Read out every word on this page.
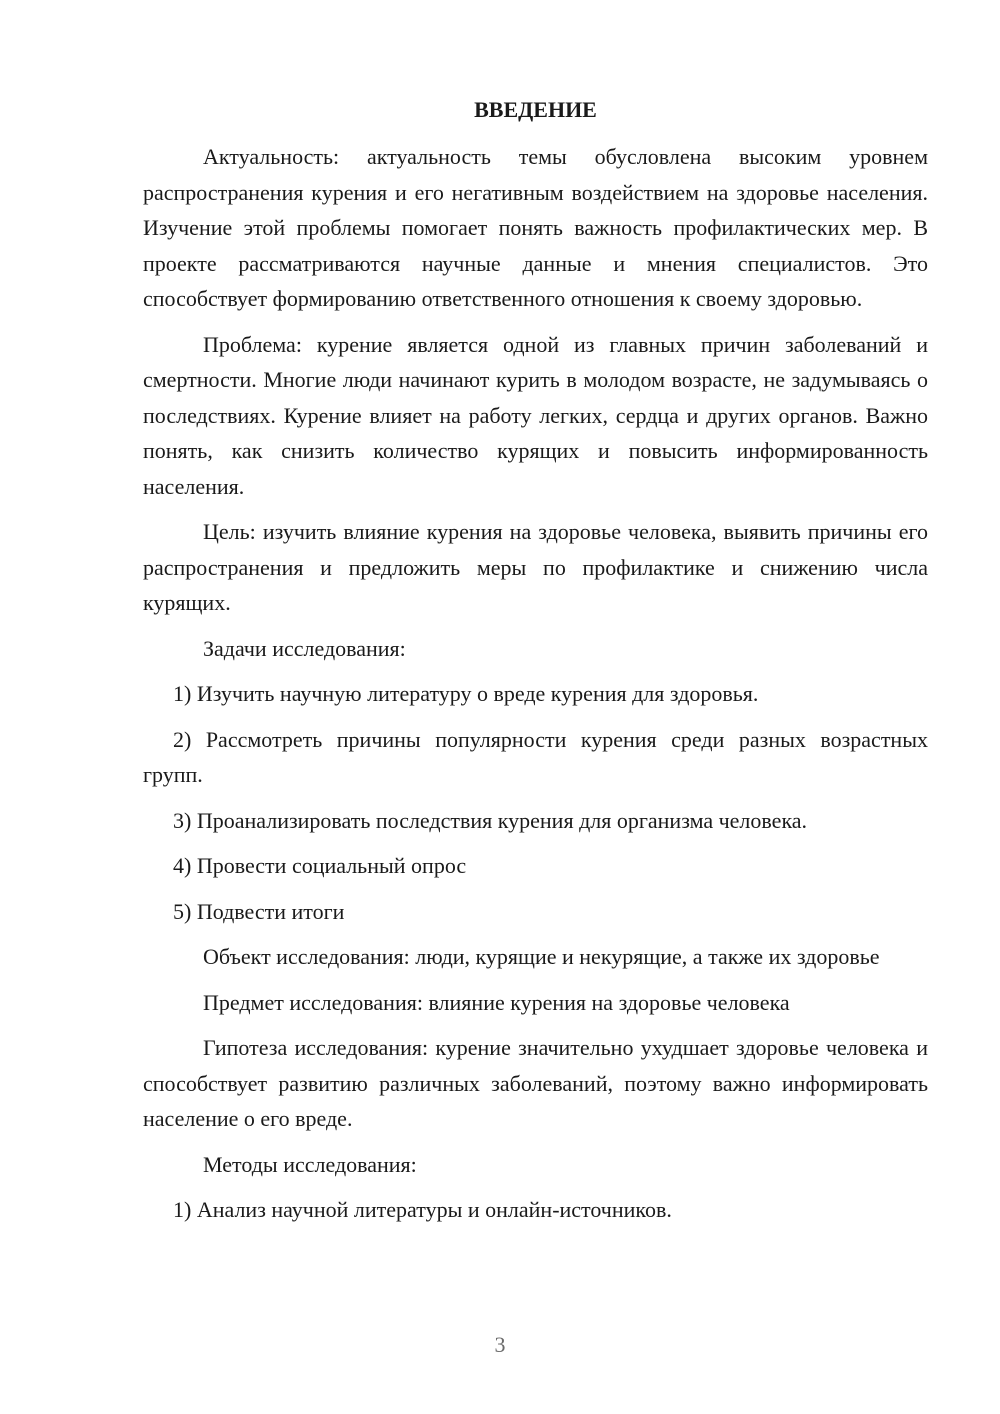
ВВЕДЕНИЕ

Актуальность: актуальность темы обусловлена высоким уровнем распространения курения и его негативным воздействием на здоровье населения. Изучение этой проблемы помогает понять важность профилактических мер. В проекте рассматриваются научные данные и мнения специалистов. Это способствует формированию ответственного отношения к своему здоровью.

Проблема: курение является одной из главных причин заболеваний и смертности. Многие люди начинают курить в молодом возрасте, не задумываясь о последствиях. Курение влияет на работу легких, сердца и других органов. Важно понять, как снизить количество курящих и повысить информированность населения.

Цель: изучить влияние курения на здоровье человека, выявить причины его распространения и предложить меры по профилактике и снижению числа курящих.

Задачи исследования:

1) Изучить научную литературу о вреде курения для здоровья.

2) Рассмотреть причины популярности курения среди разных возрастных групп.

3) Проанализировать последствия курения для организма человека.

4) Провести социальный опрос

5) Подвести итоги

Объект исследования: люди, курящие и некурящие, а также их здоровье

Предмет исследования: влияние курения на здоровье человека

Гипотеза исследования: курение значительно ухудшает здоровье человека и способствует развитию различных заболеваний, поэтому важно информировать население о его вреде.

Методы исследования:

1) Анализ научной литературы и онлайн-источников.

3
